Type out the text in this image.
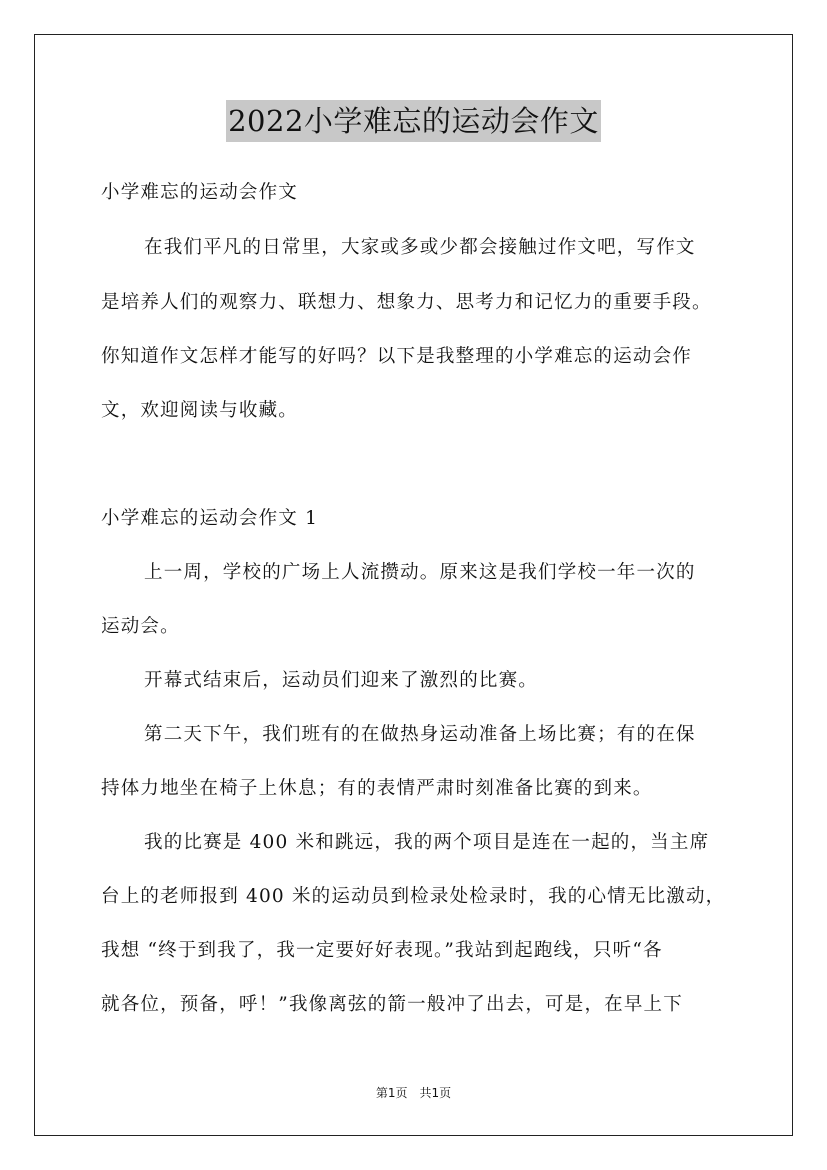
2022小学难忘的运动会作文
小学难忘的运动会作文
在我们平凡的日常里，大家或多或少都会接触过作文吧，写作文
是培养人们的观察力、联想力、想象力、思考力和记忆力的重要手段。
你知道作文怎样才能写的好吗？以下是我整理的小学难忘的运动会作
文，欢迎阅读与收藏。
小学难忘的运动会作文 1
上一周，学校的广场上人流攒动。原来这是我们学校一年一次的
运动会。
开幕式结束后，运动员们迎来了激烈的比赛。
第二天下午，我们班有的在做热身运动准备上场比赛；有的在保
持体力地坐在椅子上休息；有的表情严肃时刻准备比赛的到来。
我的比赛是 400 米和跳远，我的两个项目是连在一起的，当主席
台上的老师报到 400 米的运动员到检录处检录时，我的心情无比激动，
我想 “终于到我了，我一定要好好表现。”我站到起跑线，只听“各
就各位，预备，呼！”我像离弦的箭一般冲了出去，可是，在早上下
第1页　共1页
